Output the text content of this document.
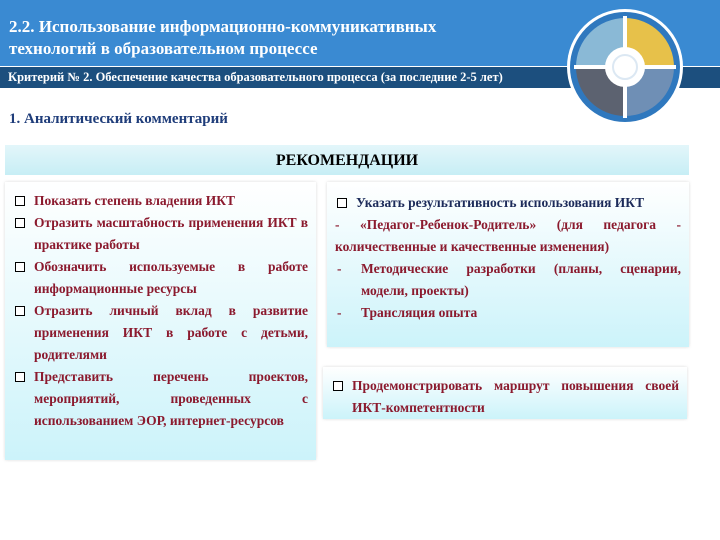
2.2. Использование информационно-коммуникативных
технологий в образовательном процессе
Критерий № 2. Обеспечение качества образовательного процесса (за последние 2-5 лет)
1. Аналитический комментарий
РЕКОМЕНДАЦИИ
Показать степень владения ИКТ
Отразить масштабность применения ИКТ в практике работы
Обозначить используемые в работе информационные ресурсы
Отразить личный вклад в развитие применения ИКТ в работе с детьми, родителями
Представить перечень проектов, мероприятий, проведенных с использованием ЭОР, интернет-ресурсов
Указать результативность использования ИКТ
- «Педагог-Ребенок-Родитель» (для педагога - количественные и качественные изменения)
- Методические разработки (планы, сценарии, модели, проекты)
- Трансляция опыта
Продемонстрировать маршрут повышения своей ИКТ-компетентности
